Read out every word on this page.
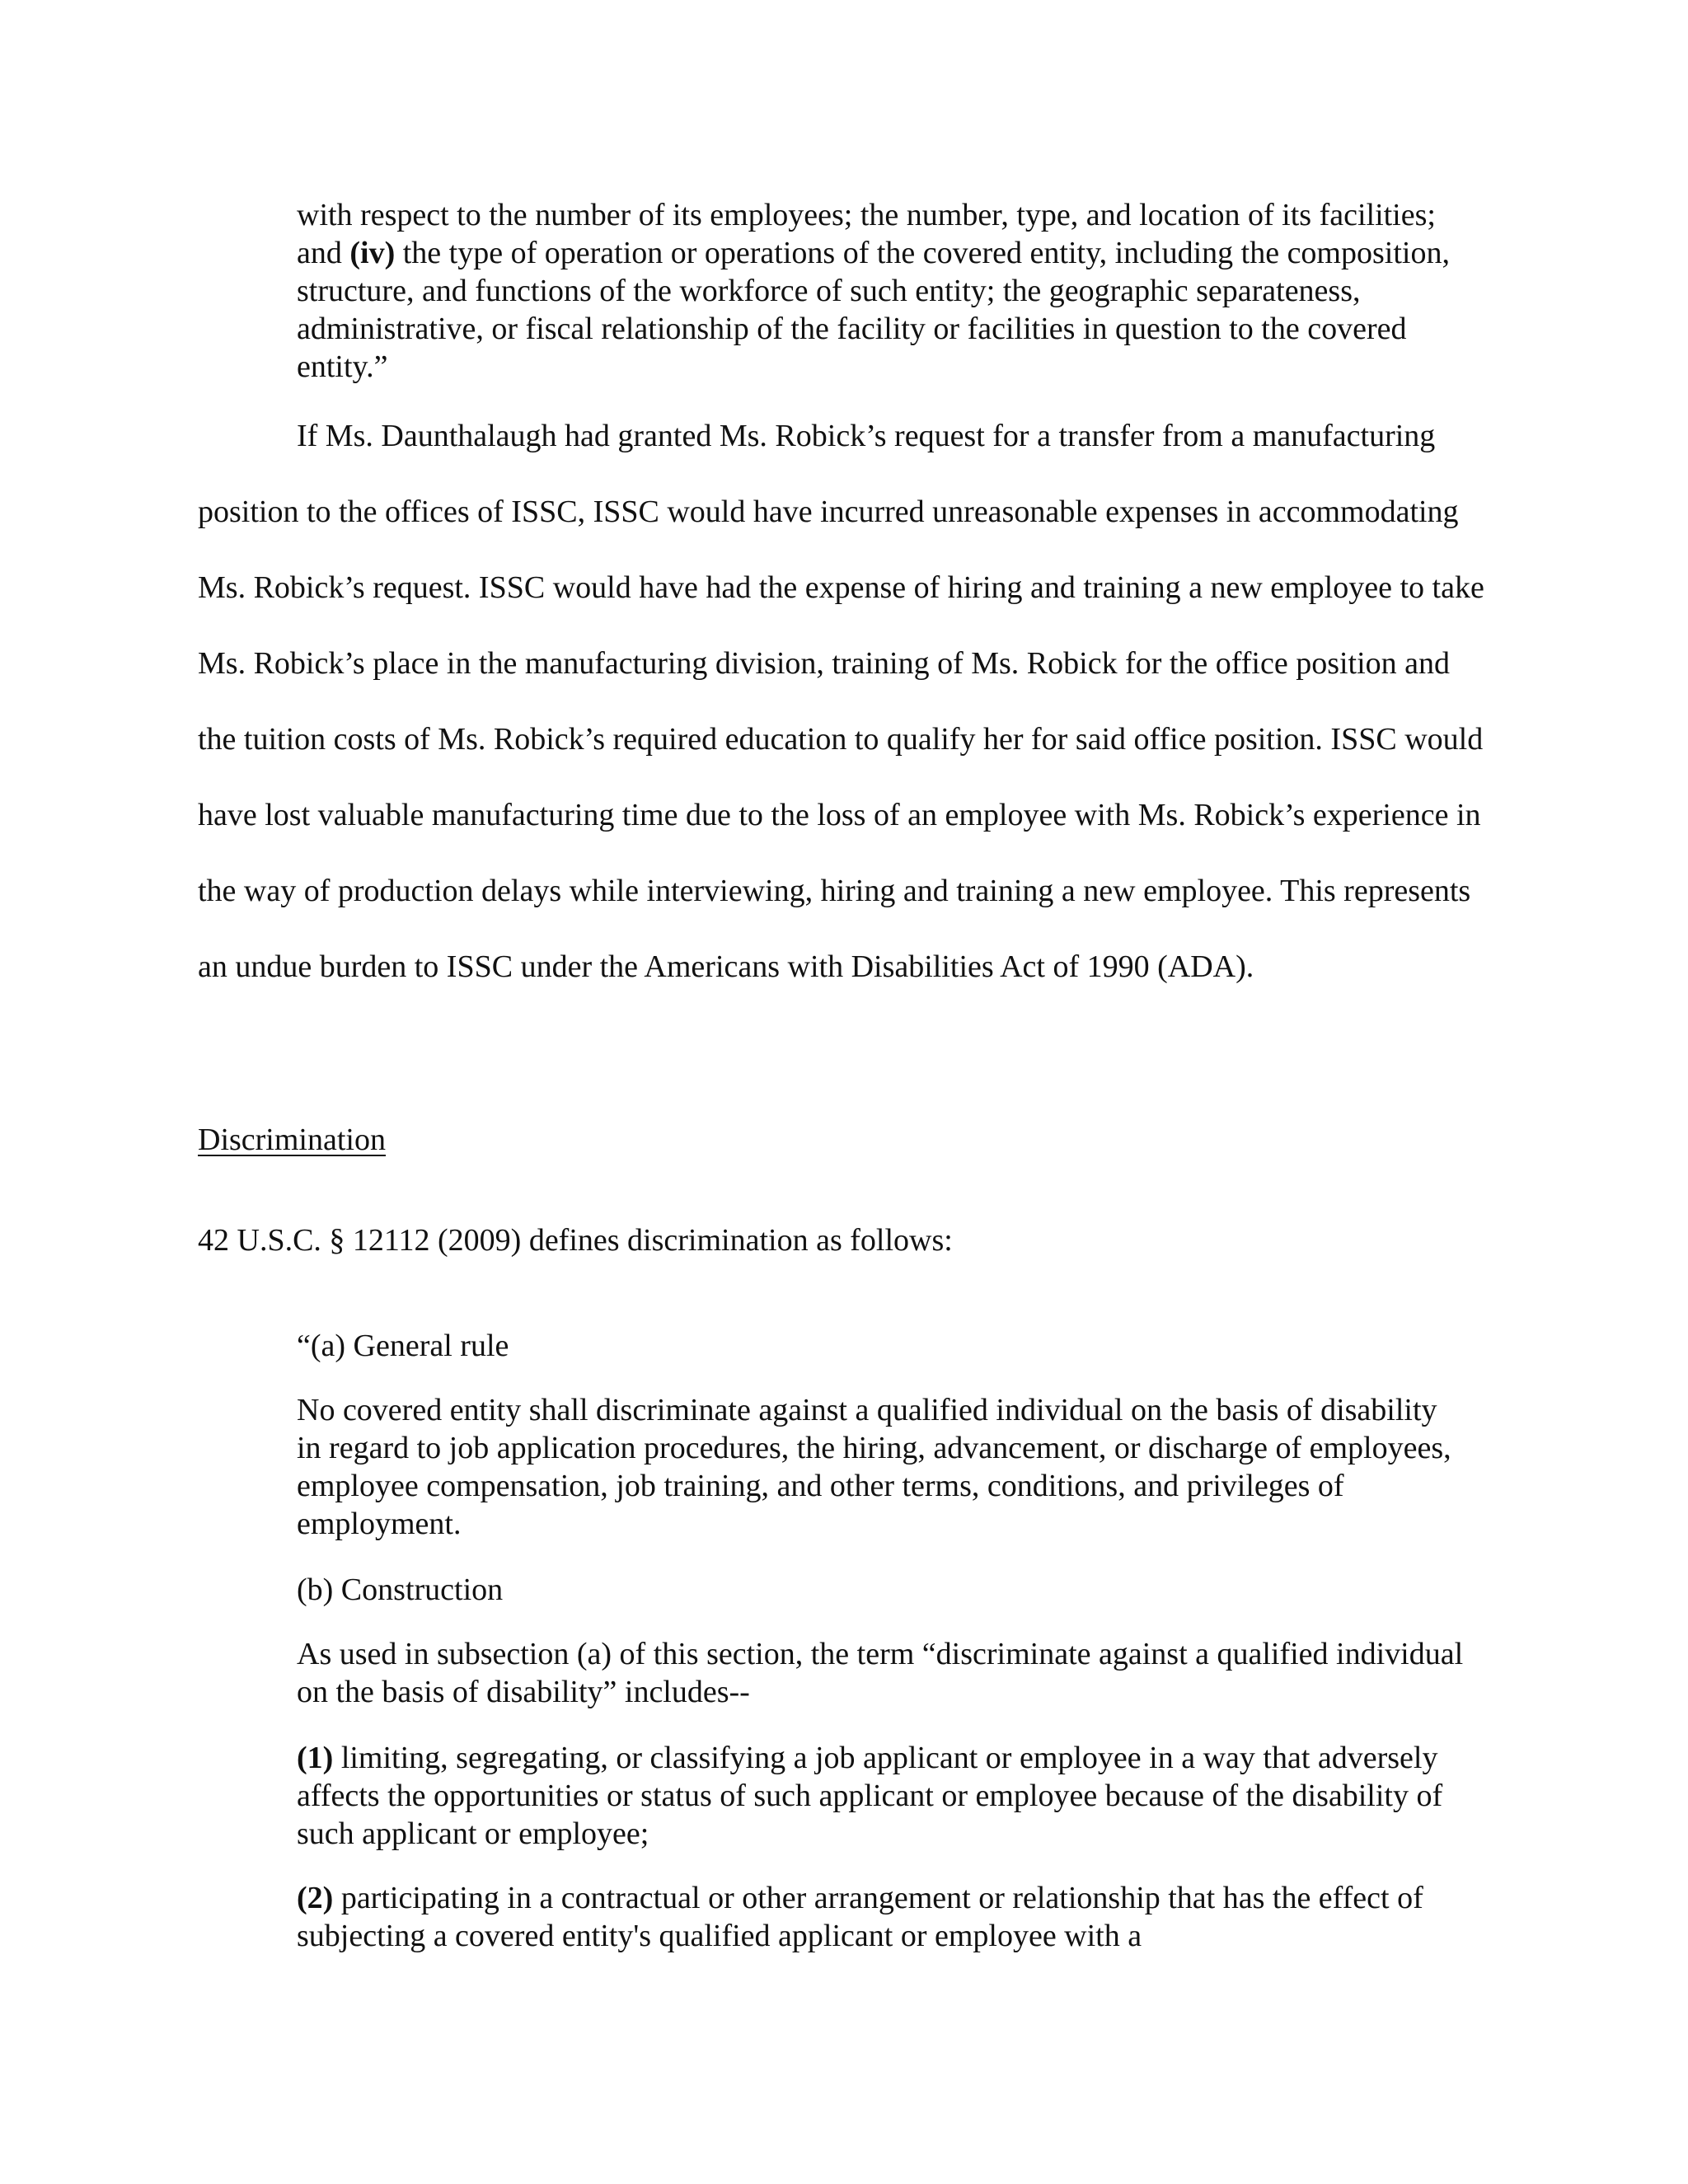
with respect to the number of its employees; the number, type, and location of its facilities; and (iv) the type of operation or operations of the covered entity, including the composition, structure, and functions of the workforce of such entity; the geographic separateness, administrative, or fiscal relationship of the facility or facilities in question to the covered entity.”

If Ms. Daunthalaugh had granted Ms. Robick’s request for a transfer from a manufacturing position to the offices of ISSC, ISSC would have incurred unreasonable expenses in accommodating Ms. Robick’s request. ISSC would have had the expense of hiring and training a new employee to take Ms. Robick’s place in the manufacturing division, training of Ms. Robick for the office position and the tuition costs of Ms. Robick’s required education to qualify her for said office position. ISSC would have lost valuable manufacturing time due to the loss of an employee with Ms. Robick’s experience in the way of production delays while interviewing, hiring and training a new employee. This represents an undue burden to ISSC under the Americans with Disabilities Act of 1990 (ADA).

Discrimination

42 U.S.C. § 12112 (2009) defines discrimination as follows:

“(a) General rule

No covered entity shall discriminate against a qualified individual on the basis of disability in regard to job application procedures, the hiring, advancement, or discharge of employees, employee compensation, job training, and other terms, conditions, and privileges of employment.

(b) Construction

As used in subsection (a) of this section, the term “discriminate against a qualified individual on the basis of disability” includes--

(1) limiting, segregating, or classifying a job applicant or employee in a way that adversely affects the opportunities or status of such applicant or employee because of the disability of such applicant or employee;

(2) participating in a contractual or other arrangement or relationship that has the effect of subjecting a covered entity's qualified applicant or employee with a
